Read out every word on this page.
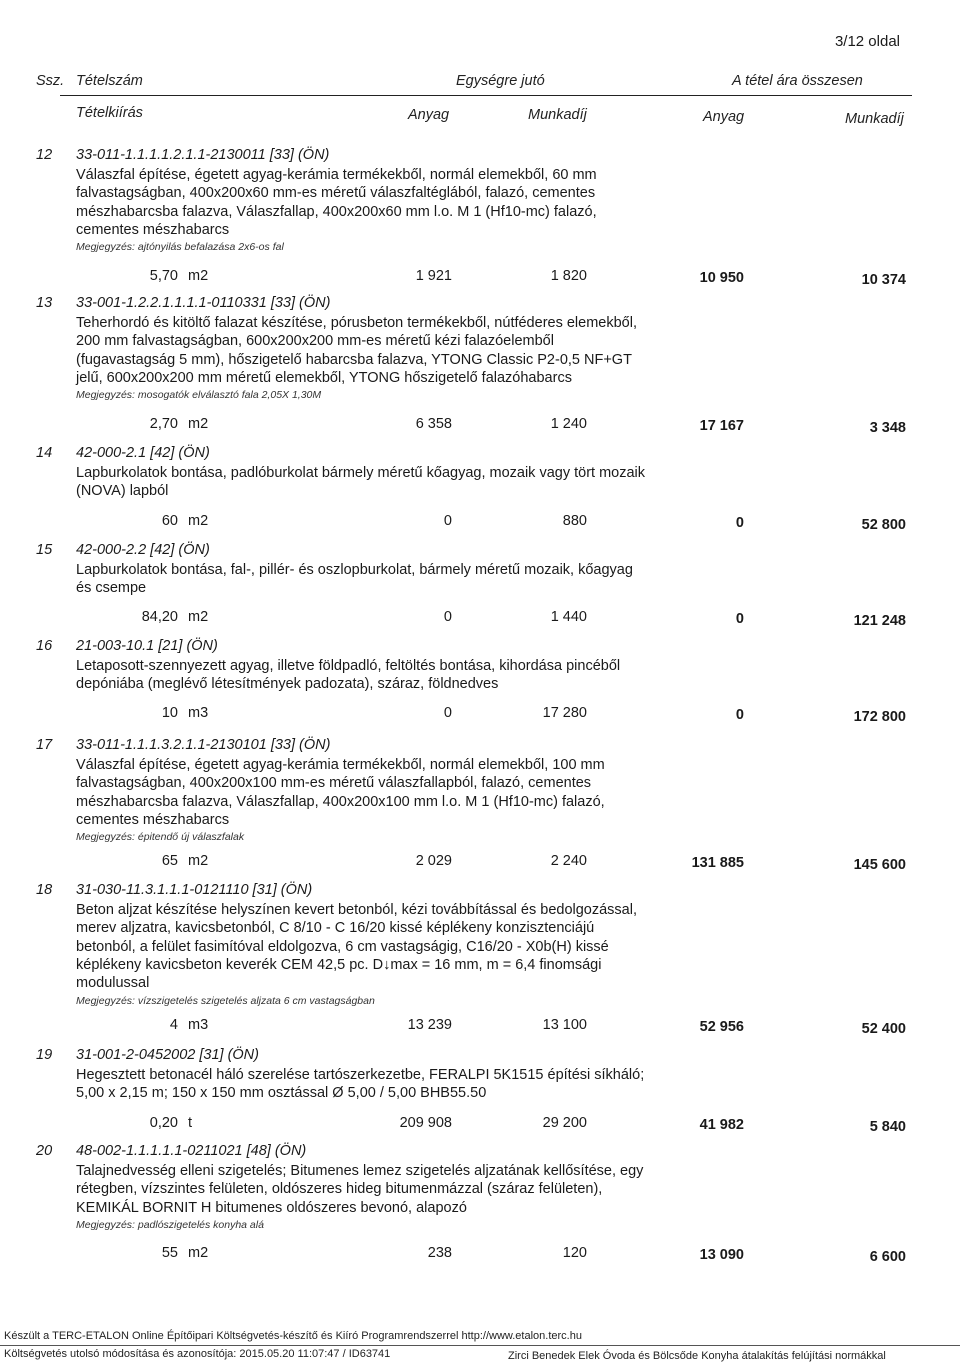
3/12 oldal
Ssz. Tételszám	Egységre jutó	A tétel ára összesen
Tételkiírás	Anyag	Munkadíj	Anyag	Munkadíj
12 33-011-1.1.1.1.2.1.1-2130011 [33] (ÖN)
Válaszfal építése, égetett agyag-kerámia termékekből, normál elemekből, 60 mm
falvastagságban, 400x200x60 mm-es méretű válaszfaltéglából, falazó, cementes
mészhabarcsba falazva, Válaszfallap, 400x200x60 mm l.o. M 1 (Hf10-mc) falazó,
cementes mészhabarcs
Megjegyzés: ajtónyilás befalazása 2x6-os fal
5,70 m2	1 921	1 820	10 950	10 374
13 33-001-1.2.2.1.1.1.1-0110331 [33] (ÖN)
Teherhordó és kitöltő falazat készítése, pórusbeton termékekből, nútféderes elemekből,
200 mm falvastagságban, 600x200x200 mm-es méretű kézi falazóelemből
(fugavastagság 5 mm), hőszigetelő habarcsba falazva, YTONG Classic P2-0,5 NF+GT
jelű, 600x200x200 mm méretű elemekből, YTONG hőszigetelő falazóhabarcs
Megjegyzés: mosogatók elválasztó fala 2,05X 1,30M
2,70 m2	6 358	1 240	17 167	3 348
14 42-000-2.1 [42] (ÖN)
Lapburkolatok bontása, padlóburkolat bármely méretű kőagyag, mozaik vagy tört mozaik
(NOVA) lapból
60 m2	0	880	0	52 800
15 42-000-2.2 [42] (ÖN)
Lapburkolatok bontása, fal-, pillér- és oszlopburkolat, bármely méretű mozaik, kőagyag
és csempe
84,20 m2	0	1 440	0	121 248
16 21-003-10.1 [21] (ÖN)
Letaposott-szennyezett agyag, illetve földpadló, feltöltés bontása, kihordása pincéből
depóniába (meglévő létesítmények padozata), száraz, földnedves
10 m3	0	17 280	0	172 800
17 33-011-1.1.1.3.2.1.1-2130101 [33] (ÖN)
Válaszfal építése, égetett agyag-kerámia termékekből, normál elemekből, 100 mm
falvastagságban, 400x200x100 mm-es méretű válaszfallapból, falazó, cementes
mészhabarcsba falazva, Válaszfallap, 400x200x100 mm l.o. M 1 (Hf10-mc) falazó,
cementes mészhabarcs
Megjegyzés: épitendő új válaszfalak
65 m2	2 029	2 240	131 885	145 600
18 31-030-11.3.1.1.1-0121110 [31] (ÖN)
Beton aljzat készítése helyszínen kevert betonból, kézi továbbítással és bedolgozással,
merev aljzatra, kavicsbetonból, C 8/10 - C 16/20 kissé képlékeny konzisztenciájú
betonból, a felület fasimítóval eldolgozva, 6 cm vastagságig, C16/20 - X0b(H) kissé
képlékeny kavicsbeton keverék CEM 42,5 pc. D↓max = 16 mm, m = 6,4 finomsági
modulussal
Megjegyzés: vízszigetelés szigetelés aljzata 6 cm vastagságban
4 m3	13 239	13 100	52 956	52 400
19 31-001-2-0452002 [31] (ÖN)
Hegesztett betonacél háló szerelése tartószerkezetbe, FERALPI 5K1515 építési síkháló;
5,00 x 2,15 m; 150 x 150 mm osztással Ø 5,00 / 5,00 BHB55.50
0,20 t	209 908	29 200	41 982	5 840
20 48-002-1.1.1.1.1-0211021 [48] (ÖN)
Talajnedvesség elleni szigetelés; Bitumenes lemez szigetelés aljzatának kellősítése, egy
rétegben, vízszintes felületen, oldószeres hideg bitumenmázzal (száraz felületen),
KEMIKÁL BORNIT H bitumenes oldószeres bevonó, alapozó
Megjegyzés: padlószigetelés konyha alá
55 m2	238	120	13 090	6 600
Készült a TERC-ETALON Online Építőipari Költségvetés-készítő és Kiíró Programrendszerrel http://www.etalon.terc.hu
Költségvetés utolsó módosítása és azonosítója: 2015.05.20 11:07:47 / ID63741	Zirci Benedek Elek Óvoda és Bölcsőde Konyha átalakítás felújítási normákkal
